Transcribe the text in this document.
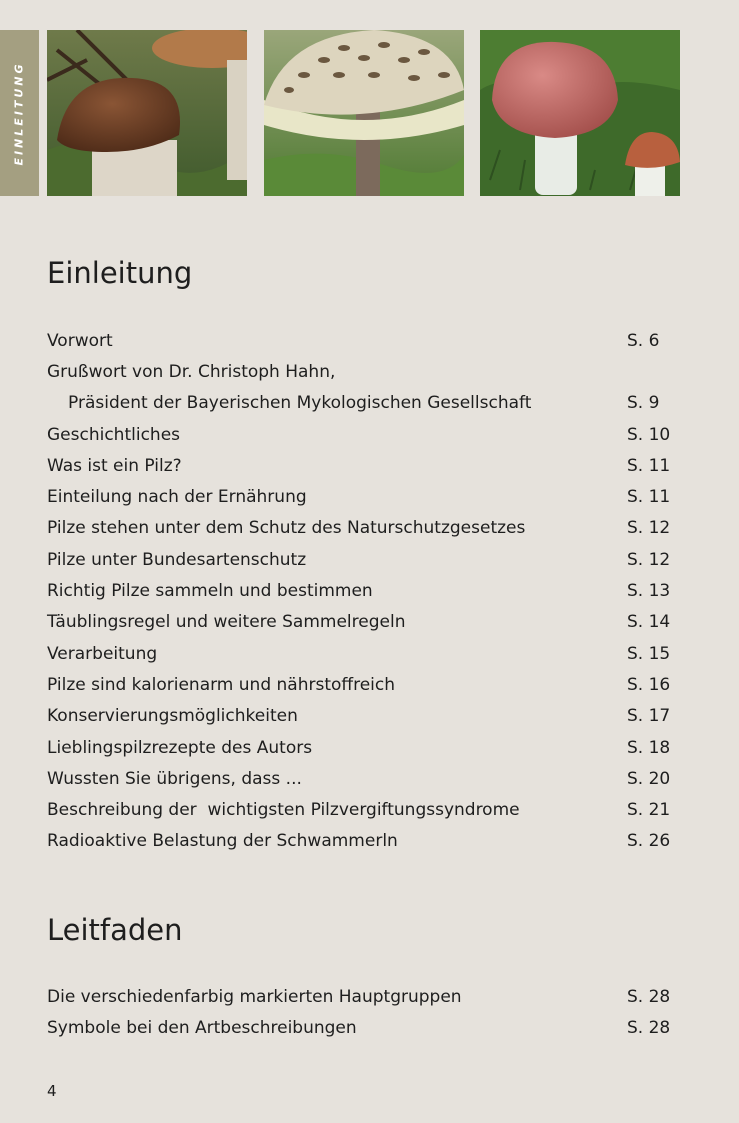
EINLEITUNG
Einleitung
Vorwort	S. 6
Grußwort von Dr. Christoph Hahn,
Präsident der Bayerischen Mykologischen Gesellschaft	S. 9
Geschichtliches	S. 10
Was ist ein Pilz?	S. 11
Einteilung nach der Ernährung	S. 11
Pilze stehen unter dem Schutz des Naturschutzgesetzes	S. 12
Pilze unter Bundesartenschutz	S. 12
Richtig Pilze sammeln und bestimmen	S. 13
Täublingsregel und weitere Sammelregeln	S. 14
Verarbeitung	S. 15
Pilze sind kalorienarm und nährstoffreich	S. 16
Konservierungsmöglichkeiten	S. 17
Lieblingspilzrezepte des Autors	S. 18
Wussten Sie übrigens, dass ...	S. 20
Beschreibung der  wichtigsten Pilzvergiftungssyndrome	S. 21
Radioaktive Belastung der Schwammerln	S. 26
Leitfaden
Die verschiedenfarbig markierten Hauptgruppen	S. 28
Symbole bei den Artbeschreibungen	S. 28
4
